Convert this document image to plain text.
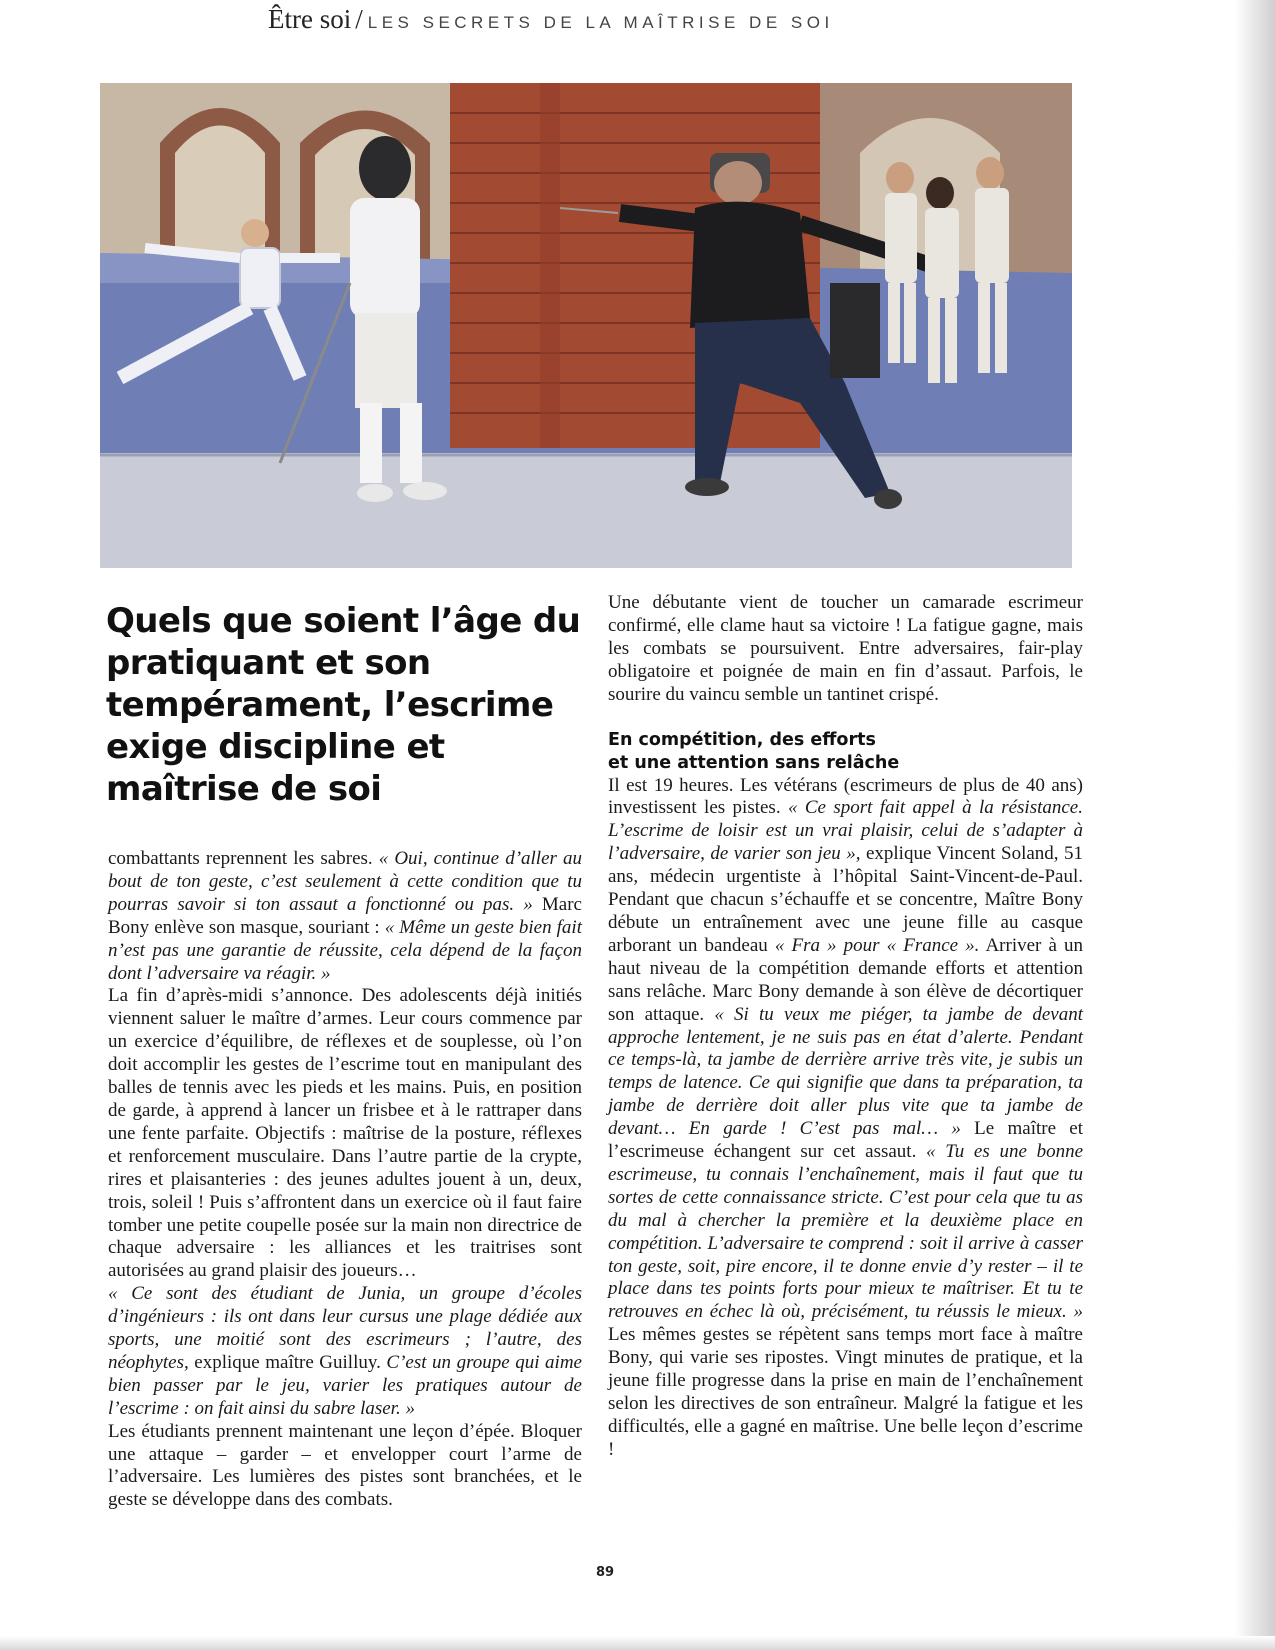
Être soi / LES SECRETS DE LA MAÎTRISE DE SOI
Quels que soient l’âge du pratiquant et son tempérament, l’escrime exige discipline et maîtrise de soi

combattants reprennent les sabres. « Oui, continue d’aller au bout de ton geste, c’est seulement à cette condition que tu pourras savoir si ton assaut a fonctionné ou pas. » Marc Bony enlève son masque, souriant : « Même un geste bien fait n’est pas une garantie de réussite, cela dépend de la façon dont l’adversaire va réagir. »

La fin d’après-midi s’annonce. Des adolescents déjà initiés viennent saluer le maître d’armes. Leur cours commence par un exercice d’équilibre, de réflexes et de souplesse, où l’on doit accomplir les gestes de l’escrime tout en manipulant des balles de tennis avec les pieds et les mains. Puis, en position de garde, à apprend à lancer un frisbee et à le rattraper dans une fente parfaite. Objectifs : maîtrise de la posture, réflexes et renforcement musculaire. Dans l’autre partie de la crypte, rires et plaisanteries : des jeunes adultes jouent à un, deux, trois, soleil ! Puis s’affrontent dans un exercice où il faut faire tomber une petite coupelle posée sur la main non directrice de chaque adversaire : les alliances et les traitrises sont autorisées au grand plaisir des joueurs…

« Ce sont des étudiant de Junia, un groupe d’écoles d’ingénieurs : ils ont dans leur cursus une plage dédiée aux sports, une moitié sont des escrimeurs ; l’autre, des néophytes, explique maître Guilluy. C’est un groupe qui aime bien passer par le jeu, varier les pratiques autour de l’escrime : on fait ainsi du sabre laser. »

Les étudiants prennent maintenant une leçon d’épée. Bloquer une attaque – garder – et envelopper court l’arme de l’adversaire. Les lumières des pistes sont branchées, et le geste se développe dans des combats.

Une débutante vient de toucher un camarade escrimeur confirmé, elle clame haut sa victoire ! La fatigue gagne, mais les combats se poursuivent. Entre adversaires, fair-play obligatoire et poignée de main en fin d’assaut. Parfois, le sourire du vaincu semble un tantinet crispé.

En compétition, des efforts
et une attention sans relâche

Il est 19 heures. Les vétérans (escrimeurs de plus de 40 ans) investissent les pistes. « Ce sport fait appel à la résistance. L’escrime de loisir est un vrai plaisir, celui de s’adapter à l’adversaire, de varier son jeu », explique Vincent Soland, 51 ans, médecin urgentiste à l’hôpital Saint-Vincent-de-Paul. Pendant que chacun s’échauffe et se concentre, Maître Bony débute un entraînement avec une jeune fille au casque arborant un bandeau « Fra » pour « France ». Arriver à un haut niveau de la compétition demande efforts et attention sans relâche. Marc Bony demande à son élève de décortiquer son attaque. « Si tu veux me piéger, ta jambe de devant approche lentement, je ne suis pas en état d’alerte. Pendant ce temps-là, ta jambe de derrière arrive très vite, je subis un temps de latence. Ce qui signifie que dans ta préparation, ta jambe de derrière doit aller plus vite que ta jambe de devant… En garde ! C’est pas mal… » Le maître et l’escrimeuse échangent sur cet assaut. « Tu es une bonne escrimeuse, tu connais l’enchaînement, mais il faut que tu sortes de cette connaissance stricte. C’est pour cela que tu as du mal à chercher la première et la deuxième place en compétition. L’adversaire te comprend : soit il arrive à casser ton geste, soit, pire encore, il te donne envie d’y rester – il te place dans tes points forts pour mieux te maîtriser. Et tu te retrouves en échec là où, précisément, tu réussis le mieux. » Les mêmes gestes se répètent sans temps mort face à maître Bony, qui varie ses ripostes. Vingt minutes de pratique, et la jeune fille progresse dans la prise en main de l’enchaînement selon les directives de son entraîneur. Malgré la fatigue et les difficultés, elle a gagné en maîtrise. Une belle leçon d’escrime !

89
